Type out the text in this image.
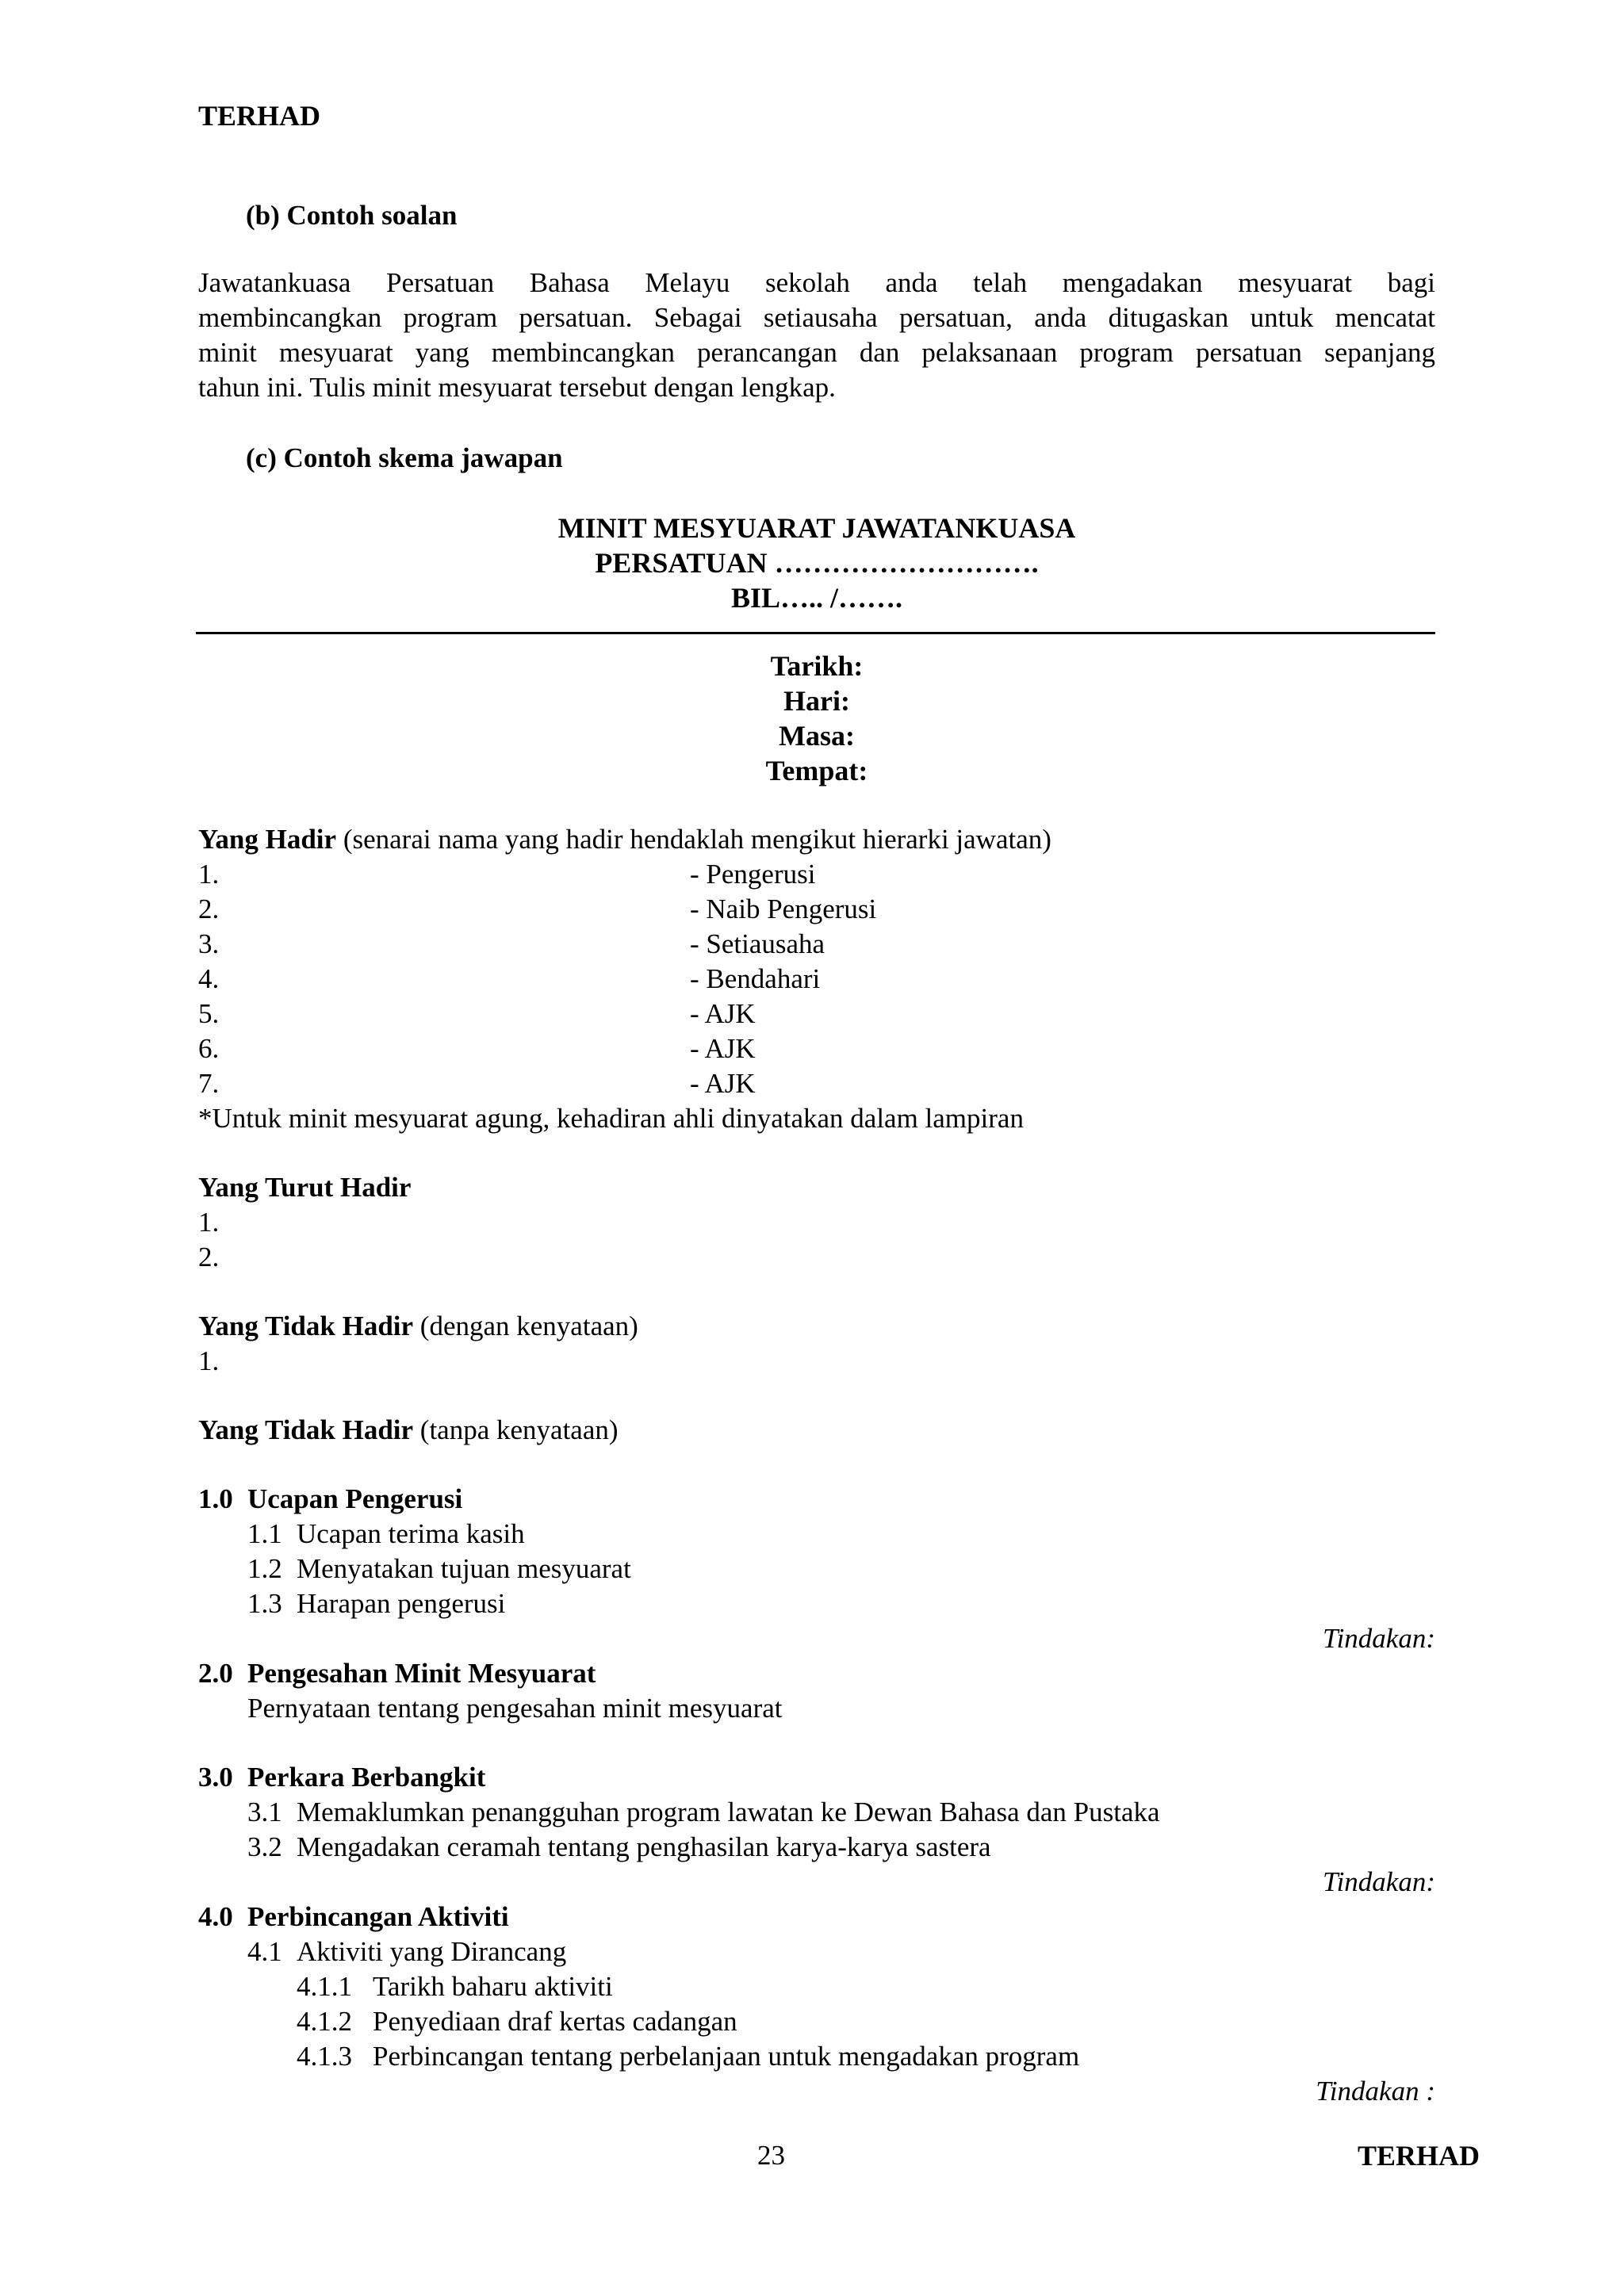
TERHAD
(b) Contoh soalan

Jawatankuasa Persatuan Bahasa Melayu sekolah anda telah mengadakan mesyuarat bagi

membincangkan program persatuan. Sebagai setiausaha persatuan, anda ditugaskan untuk mencatat

minit mesyuarat yang membincangkan perancangan dan pelaksanaan program persatuan sepanjang

tahun ini. Tulis minit mesyuarat tersebut dengan lengkap.

(c) Contoh skema jawapan
MINIT MESYUARAT JAWATANKUASA
PERSATUAN ……………………….
BIL….. /…….
Tarikh:
Hari:
Masa:
Tempat:
Yang Hadir (senarai nama yang hadir hendaklah mengikut hierarki jawatan)
1.	- Pengerusi
2.	- Naib Pengerusi
3.	- Setiausaha
4.	- Bendahari
5.	- AJK
6.	- AJK
7.	- AJK
*Untuk minit mesyuarat agung, kehadiran ahli dinyatakan dalam lampiran
Yang Turut Hadir
1.
2.
Yang Tidak Hadir (dengan kenyataan)
1.
Yang Tidak Hadir (tanpa kenyataan)
1.0 Ucapan Pengerusi
1.1 Ucapan terima kasih
1.2 Menyatakan tujuan mesyuarat
1.3 Harapan pengerusi
Tindakan:
2.0 Pengesahan Minit Mesyuarat
Pernyataan tentang pengesahan minit mesyuarat
3.0 Perkara Berbangkit
3.1 Memaklumkan penangguhan program lawatan ke Dewan Bahasa dan Pustaka
3.2 Mengadakan ceramah tentang penghasilan karya-karya sastera
Tindakan:
4.0 Perbincangan Aktiviti
4.1 Aktiviti yang Dirancang
4.1.1 Tarikh baharu aktiviti
4.1.2 Penyediaan draf kertas cadangan
4.1.3 Perbincangan tentang perbelanjaan untuk mengadakan program
Tindakan :
23	TERHAD
